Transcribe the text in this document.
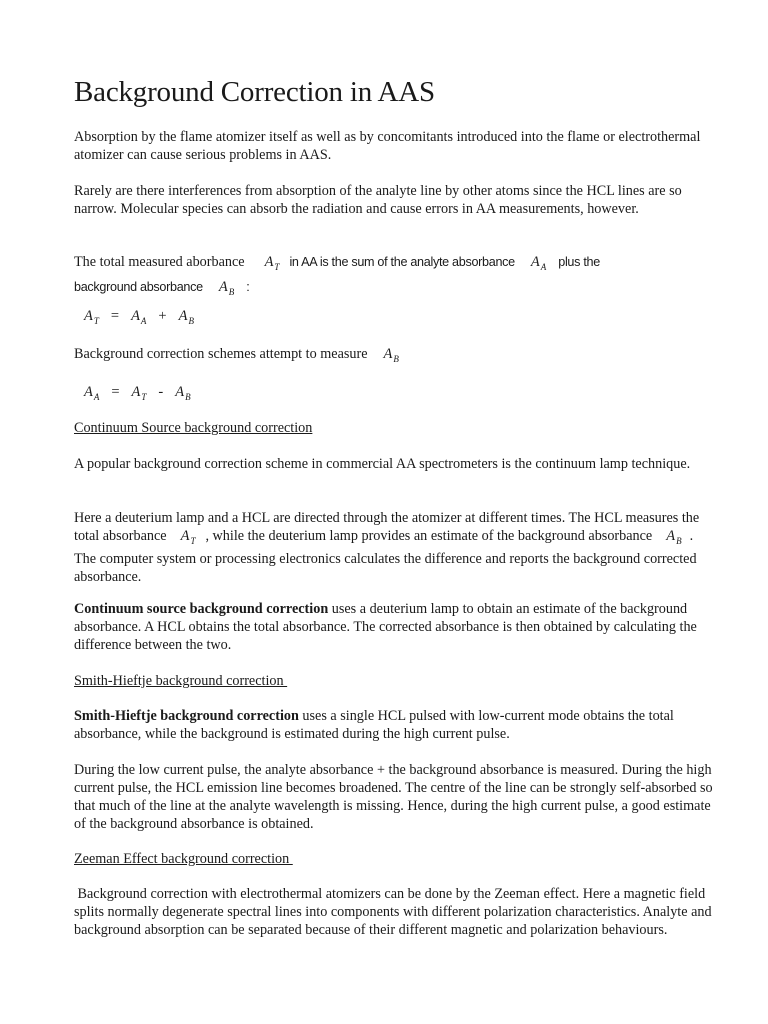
Background Correction in AAS

Absorption by the flame atomizer itself as well as by concomitants introduced into the flame or electrothermal atomizer can cause serious problems in AAS.

Rarely are there interferences from absorption of the analyte line by other atoms since the HCL lines are so narrow. Molecular species can absorb the radiation and cause errors in AA measurements, however.

The total measured aborbance $A_T$ in AA is the sum of the analyte absorbance $A_A$ plus the
background absorbance $A_B$ :

$A_T = A_A + A_B$

Background correction schemes attempt to measure $A_B$

$A_A = A_T - A_B$

Continuum Source background correction

A popular background correction scheme in commercial AA spectrometers is the continuum lamp technique.

Here a deuterium lamp and a HCL are directed through the atomizer at different times. The HCL measures the total absorbance $A_T$ , while the deuterium lamp provides an estimate of the background absorbance $A_B$ . The computer system or processing electronics calculates the difference and reports the background corrected absorbance.

Continuum source background correction uses a deuterium lamp to obtain an estimate of the background absorbance. A HCL obtains the total absorbance. The corrected absorbance is then obtained by calculating the difference between the two.

Smith-Hieftje background correction

Smith-Hieftje background correction uses a single HCL pulsed with low-current mode obtains the total absorbance, while the background is estimated during the high current pulse.

During the low current pulse, the analyte absorbance + the background absorbance is measured. During the high current pulse, the HCL emission line becomes broadened. The centre of the line can be strongly self-absorbed so that much of the line at the analyte wavelength is missing. Hence, during the high current pulse, a good estimate of the background absorbance is obtained.

Zeeman Effect background correction

Background correction with electrothermal atomizers can be done by the Zeeman effect. Here a magnetic field splits normally degenerate spectral lines into components with different polarization characteristics. Analyte and background absorption can be separated because of their different magnetic and polarization behaviours.
